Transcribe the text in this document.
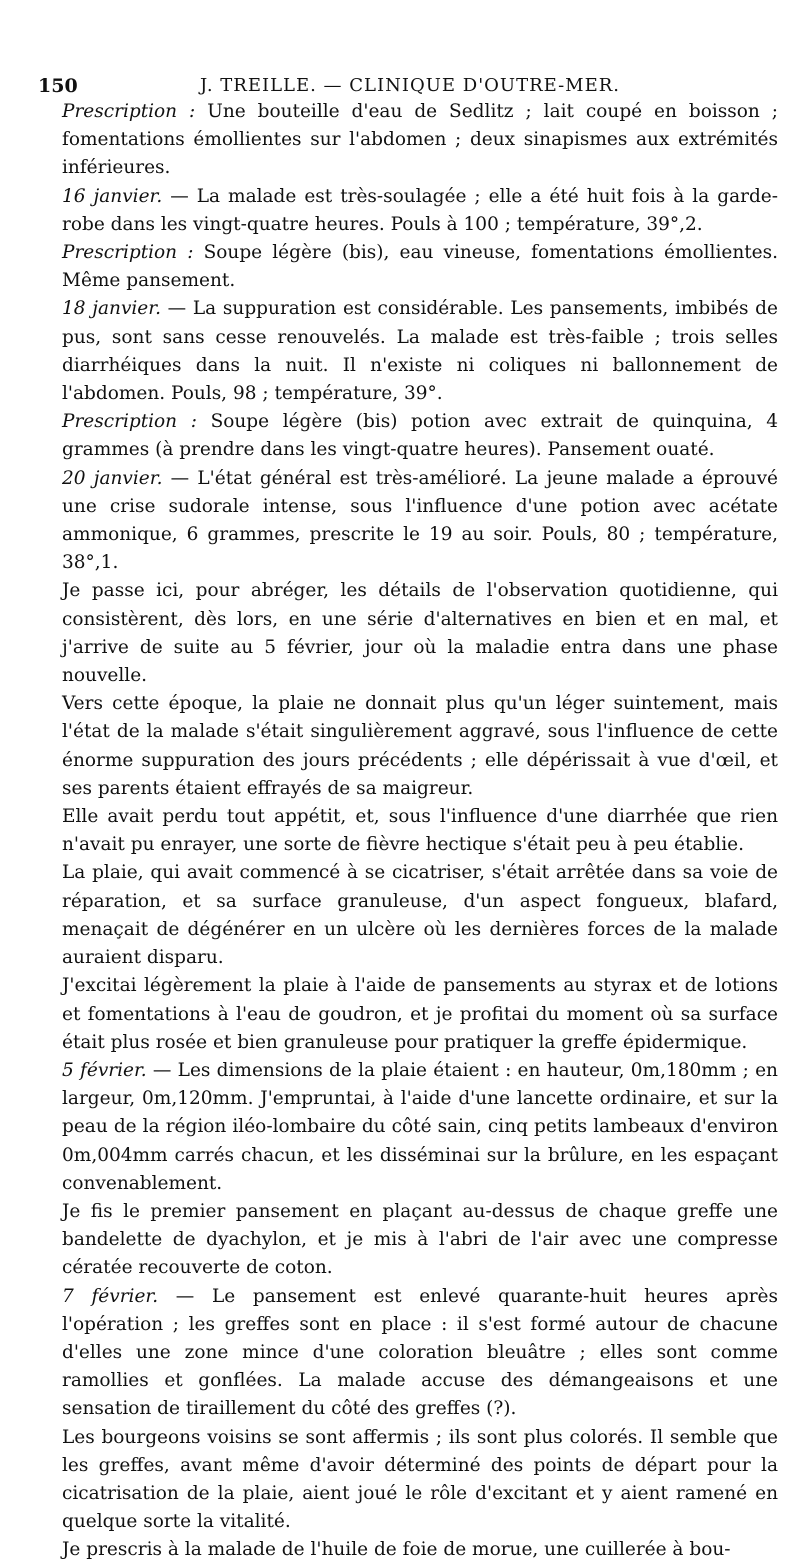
150	J. TREILLE. — CLINIQUE D'OUTRE-MER.

Prescription : Une bouteille d'eau de Sedlitz ; lait coupé en boisson ; fomentations émollientes sur l'abdomen ; deux sinapismes aux extrémités inférieures.

16 janvier. — La malade est très-soulagée ; elle a été huit fois à la garde-robe dans les vingt-quatre heures. Pouls à 100 ; température, 39°,2.

Prescription : Soupe légère (bis), eau vineuse, fomentations émollientes. Même pansement.

18 janvier. — La suppuration est considérable. Les pansements, imbibés de pus, sont sans cesse renouvelés. La malade est très-faible ; trois selles diarrhéiques dans la nuit. Il n'existe ni coliques ni ballonnement de l'abdomen. Pouls, 98 ; température, 39°.

Prescription : Soupe légère (bis) potion avec extrait de quinquina, 4 grammes (à prendre dans les vingt-quatre heures). Pansement ouaté.

20 janvier. — L'état général est très-amélioré. La jeune malade a éprouvé une crise sudorale intense, sous l'influence d'une potion avec acétate ammonique, 6 grammes, prescrite le 19 au soir. Pouls, 80 ; température, 38°,1.

Je passe ici, pour abréger, les détails de l'observation quotidienne, qui consistèrent, dès lors, en une série d'alternatives en bien et en mal, et j'arrive de suite au 5 février, jour où la maladie entra dans une phase nouvelle.

Vers cette époque, la plaie ne donnait plus qu'un léger suintement, mais l'état de la malade s'était singulièrement aggravé, sous l'influence de cette énorme suppuration des jours précédents ; elle dépérissait à vue d'œil, et ses parents étaient effrayés de sa maigreur.

Elle avait perdu tout appétit, et, sous l'influence d'une diarrhée que rien n'avait pu enrayer, une sorte de fièvre hectique s'était peu à peu établie.

La plaie, qui avait commencé à se cicatriser, s'était arrêtée dans sa voie de réparation, et sa surface granuleuse, d'un aspect fongueux, blafard, menaçait de dégénérer en un ulcère où les dernières forces de la malade auraient disparu.

J'excitai légèrement la plaie à l'aide de pansements au styrax et de lotions et fomentations à l'eau de goudron, et je profitai du moment où sa surface était plus rosée et bien granuleuse pour pratiquer la greffe épidermique.

5 février. — Les dimensions de la plaie étaient : en hauteur, 0m,180mm ; en largeur, 0m,120mm. J'empruntai, à l'aide d'une lancette ordinaire, et sur la peau de la région iléo-lombaire du côté sain, cinq petits lambeaux d'environ 0m,004mm carrés chacun, et les disséminai sur la brûlure, en les espaçant convenablement.

Je fis le premier pansement en plaçant au-dessus de chaque greffe une bandelette de dyachylon, et je mis à l'abri de l'air avec une compresse cératée recouverte de coton.

7 février. — Le pansement est enlevé quarante-huit heures après l'opération ; les greffes sont en place : il s'est formé autour de chacune d'elles une zone mince d'une coloration bleuâtre ; elles sont comme ramollies et gonflées. La malade accuse des démangeaisons et une sensation de tiraillement du côté des greffes (?).

Les bourgeons voisins se sont affermis ; ils sont plus colorés. Il semble que les greffes, avant même d'avoir déterminé des points de départ pour la cicatrisation de la plaie, aient joué le rôle d'excitant et y aient ramené en quelque sorte la vitalité.

Je prescris à la malade de l'huile de foie de morue, une cuillerée à bou-
